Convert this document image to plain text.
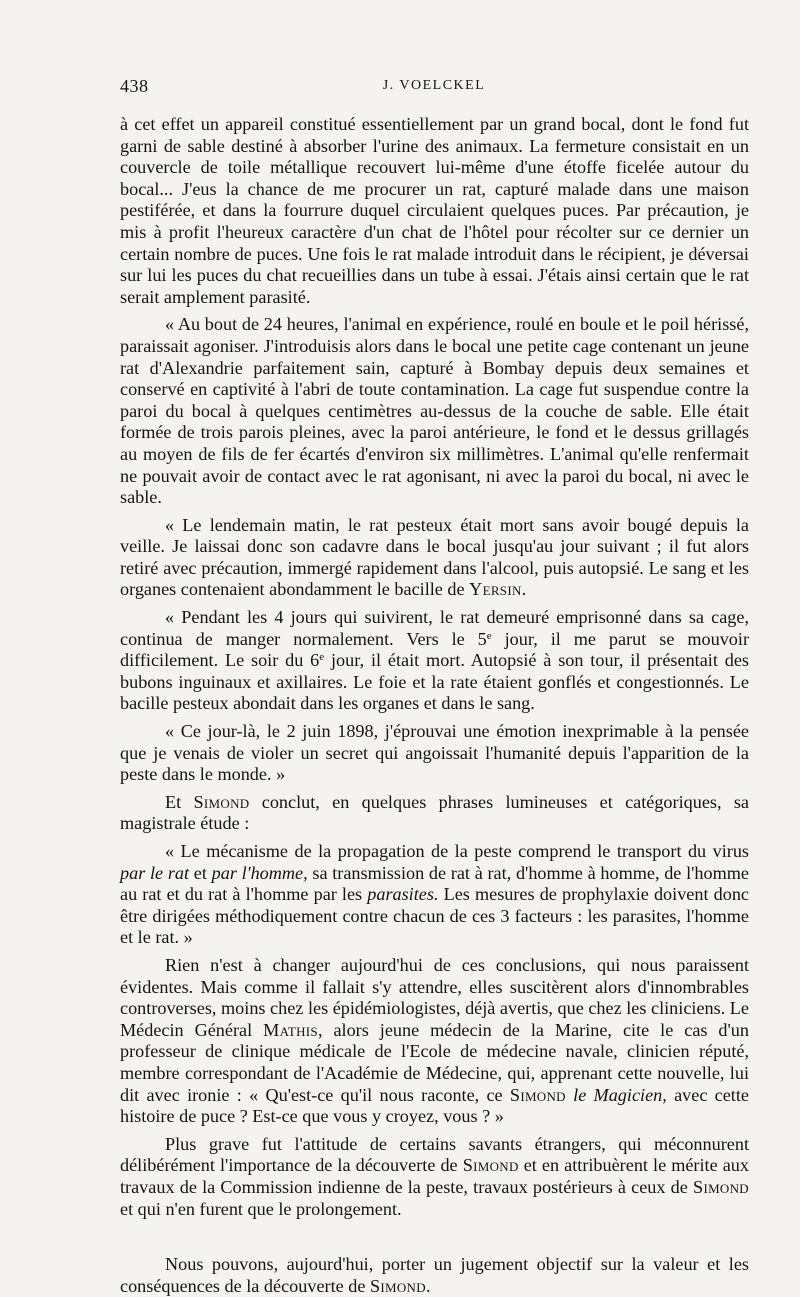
438	J. VOELCKEL

à cet effet un appareil constitué essentiellement par un grand bocal, dont le fond fut garni de sable destiné à absorber l'urine des animaux. La fermeture consistait en un couvercle de toile métallique recouvert lui-même d'une étoffe ficelée autour du bocal... J'eus la chance de me procurer un rat, capturé malade dans une maison pestiférée, et dans la fourrure duquel circulaient quelques puces. Par précaution, je mis à profit l'heureux caractère d'un chat de l'hôtel pour récolter sur ce dernier un certain nombre de puces. Une fois le rat malade introduit dans le récipient, je déversai sur lui les puces du chat recueillies dans un tube à essai. J'étais ainsi certain que le rat serait amplement parasité.

« Au bout de 24 heures, l'animal en expérience, roulé en boule et le poil hérissé, paraissait agoniser. J'introduisis alors dans le bocal une petite cage contenant un jeune rat d'Alexandrie parfaitement sain, capturé à Bombay depuis deux semaines et conservé en captivité à l'abri de toute contamination. La cage fut suspendue contre la paroi du bocal à quelques centimètres au-dessus de la couche de sable. Elle était formée de trois parois pleines, avec la paroi antérieure, le fond et le dessus grillagés au moyen de fils de fer écartés d'environ six millimètres. L'animal qu'elle renfermait ne pouvait avoir de contact avec le rat agonisant, ni avec la paroi du bocal, ni avec le sable.

« Le lendemain matin, le rat pesteux était mort sans avoir bougé depuis la veille. Je laissai donc son cadavre dans le bocal jusqu'au jour suivant ; il fut alors retiré avec précaution, immergé rapidement dans l'alcool, puis autopsié. Le sang et les organes contenaient abondamment le bacille de Yersin.

« Pendant les 4 jours qui suivirent, le rat demeuré emprisonné dans sa cage, continua de manger normalement. Vers le 5e jour, il me parut se mouvoir difficilement. Le soir du 6e jour, il était mort. Autopsié à son tour, il présentait des bubons inguinaux et axillaires. Le foie et la rate étaient gonflés et congestionnés. Le bacille pesteux abondait dans les organes et dans le sang.

« Ce jour-là, le 2 juin 1898, j'éprouvai une émotion inexprimable à la pensée que je venais de violer un secret qui angoissait l'humanité depuis l'apparition de la peste dans le monde. »

Et Simond conclut, en quelques phrases lumineuses et catégoriques, sa magistrale étude :

« Le mécanisme de la propagation de la peste comprend le transport du virus par le rat et par l'homme, sa transmission de rat à rat, d'homme à homme, de l'homme au rat et du rat à l'homme par les parasites. Les mesures de prophylaxie doivent donc être dirigées méthodiquement contre chacun de ces 3 facteurs : les parasites, l'homme et le rat. »

Rien n'est à changer aujourd'hui de ces conclusions, qui nous paraissent évidentes. Mais comme il fallait s'y attendre, elles suscitèrent alors d'innombrables controverses, moins chez les épidémiologistes, déjà avertis, que chez les cliniciens. Le Médecin Général Mathis, alors jeune médecin de la Marine, cite le cas d'un professeur de clinique médicale de l'Ecole de médecine navale, clinicien réputé, membre correspondant de l'Académie de Médecine, qui, apprenant cette nouvelle, lui dit avec ironie : « Qu'est-ce qu'il nous raconte, ce Simond le Magicien, avec cette histoire de puce ? Est-ce que vous y croyez, vous ? »

Plus grave fut l'attitude de certains savants étrangers, qui méconnurent délibérément l'importance de la découverte de Simond et en attribuèrent le mérite aux travaux de la Commission indienne de la peste, travaux postérieurs à ceux de Simond et qui n'en furent que le prolongement.

Nous pouvons, aujourd'hui, porter un jugement objectif sur la valeur et les conséquences de la découverte de Simond.
